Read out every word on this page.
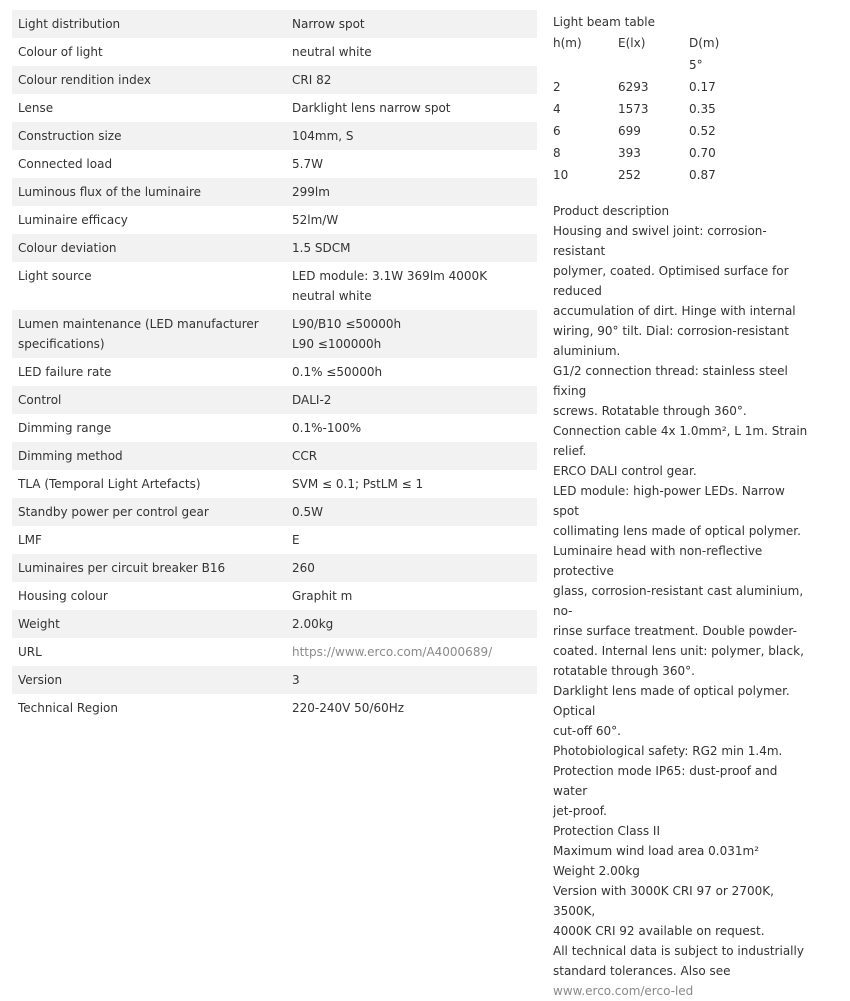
Light distribution	Narrow spot
Colour of light	neutral white
Colour rendition index	CRI 82
Lense	Darklight lens narrow spot
Construction size	104mm, S
Connected load	5.7W
Luminous flux of the luminaire	299lm
Luminaire efficacy	52lm/W
Colour deviation	1.5 SDCM
Light source	LED module: 3.1W 369lm 4000K neutral white
Lumen maintenance (LED manufacturer specifications)	L90/B10 ≤50000h
L90 ≤100000h

LED failure rate	0.1% ≤50000h
Control	DALI-2
Dimming range	0.1%-100%
Dimming method	CCR
TLA (Temporal Light Artefacts)	SVM ≤ 0.1; PstLM ≤ 1
Standby power per control gear	0.5W
LMF	E
Luminaires per circuit breaker B16	260
Housing colour	Graphit m
Weight	2.00kg
URL	https://www.erco.com/A4000689/
Version	3
Technical Region	220-240V 50/60Hz
Light beam table
h(m)	E(lx)	D(m)
		5°
2	6293	0.17
4	1573	0.35
6	699	0.52
8	393	0.70
10	252	0.87
Product description
Housing and swivel joint: corrosion-resistant
polymer, coated. Optimised surface for reduced
accumulation of dirt. Hinge with internal
wiring, 90° tilt. Dial: corrosion-resistant
aluminium.
G1/2 connection thread: stainless steel fixing
screws. Rotatable through 360°.
Connection cable 4x 1.0mm², L 1m. Strain
relief.
ERCO DALI control gear.
LED module: high-power LEDs. Narrow spot
collimating lens made of optical polymer.
Luminaire head with non-reflective protective
glass, corrosion-resistant cast aluminium, no-
rinse surface treatment. Double powder-
coated. Internal lens unit: polymer, black,
rotatable through 360°.
Darklight lens made of optical polymer. Optical
cut-off 60°.
Photobiological safety: RG2 min 1.4m.
Protection mode IP65: dust-proof and water
jet-proof.
Protection Class II
Maximum wind load area 0.031m²
Weight 2.00kg
Version with 3000K CRI 97 or 2700K, 3500K,
4000K CRI 92 available on request.
All technical data is subject to industrially
standard tolerances. Also see
www.erco.com/erco-led
